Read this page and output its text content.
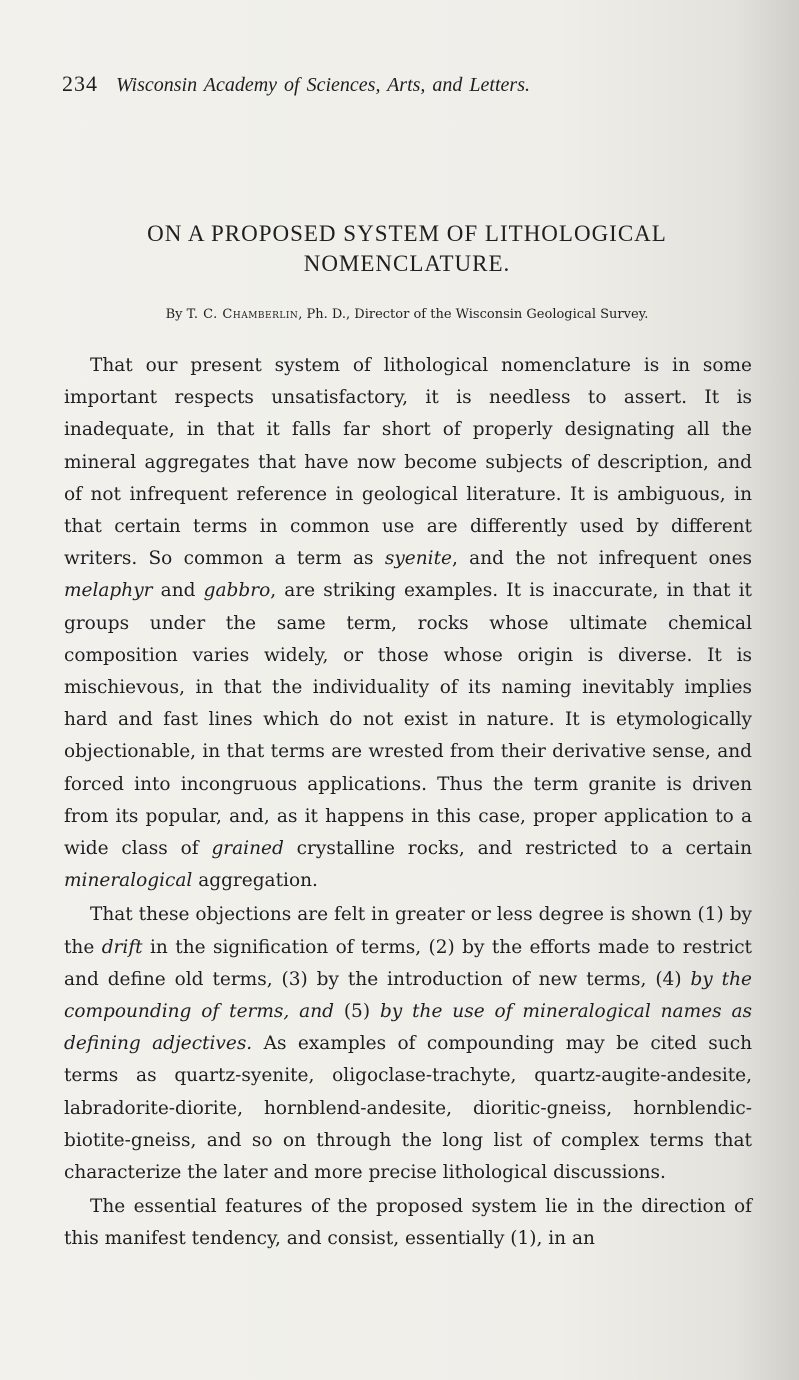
234 Wisconsin Academy of Sciences, Arts, and Letters.
ON A PROPOSED SYSTEM OF LITHOLOGICAL NOMENCLATURE.
By T. C. Chamberlin, Ph. D., Director of the Wisconsin Geological Survey.

That our present system of lithological nomenclature is in some important respects unsatisfactory, it is needless to assert. It is inadequate, in that it falls far short of properly designating all the mineral aggregates that have now become subjects of description, and of not infrequent reference in geological literature. It is ambiguous, in that certain terms in common use are differently used by different writers. So common a term as syenite, and the not infrequent ones melaphyr and gabbro, are striking examples. It is inaccurate, in that it groups under the same term, rocks whose ultimate chemical composition varies widely, or those whose origin is diverse. It is mischievous, in that the individuality of its naming inevitably implies hard and fast lines which do not exist in nature. It is etymologically objectionable, in that terms are wrested from their derivative sense, and forced into incongruous applications. Thus the term granite is driven from its popular, and, as it happens in this case, proper application to a wide class of grained crystalline rocks, and restricted to a certain mineralogical aggregation.

That these objections are felt in greater or less degree is shown (1) by the drift in the signification of terms, (2) by the efforts made to restrict and define old terms, (3) by the introduction of new terms, (4) by the compounding of terms, and (5) by the use of mineralogical names as defining adjectives. As examples of compounding may be cited such terms as quartz-syenite, oligoclase-trachyte, quartz-augite-andesite, labradorite-diorite, hornblend-andesite, dioritic-gneiss, hornblendic-biotite-gneiss, and so on through the long list of complex terms that characterize the later and more precise lithological discussions.

The essential features of the proposed system lie in the direction of this manifest tendency, and consist, essentially (1), in an
